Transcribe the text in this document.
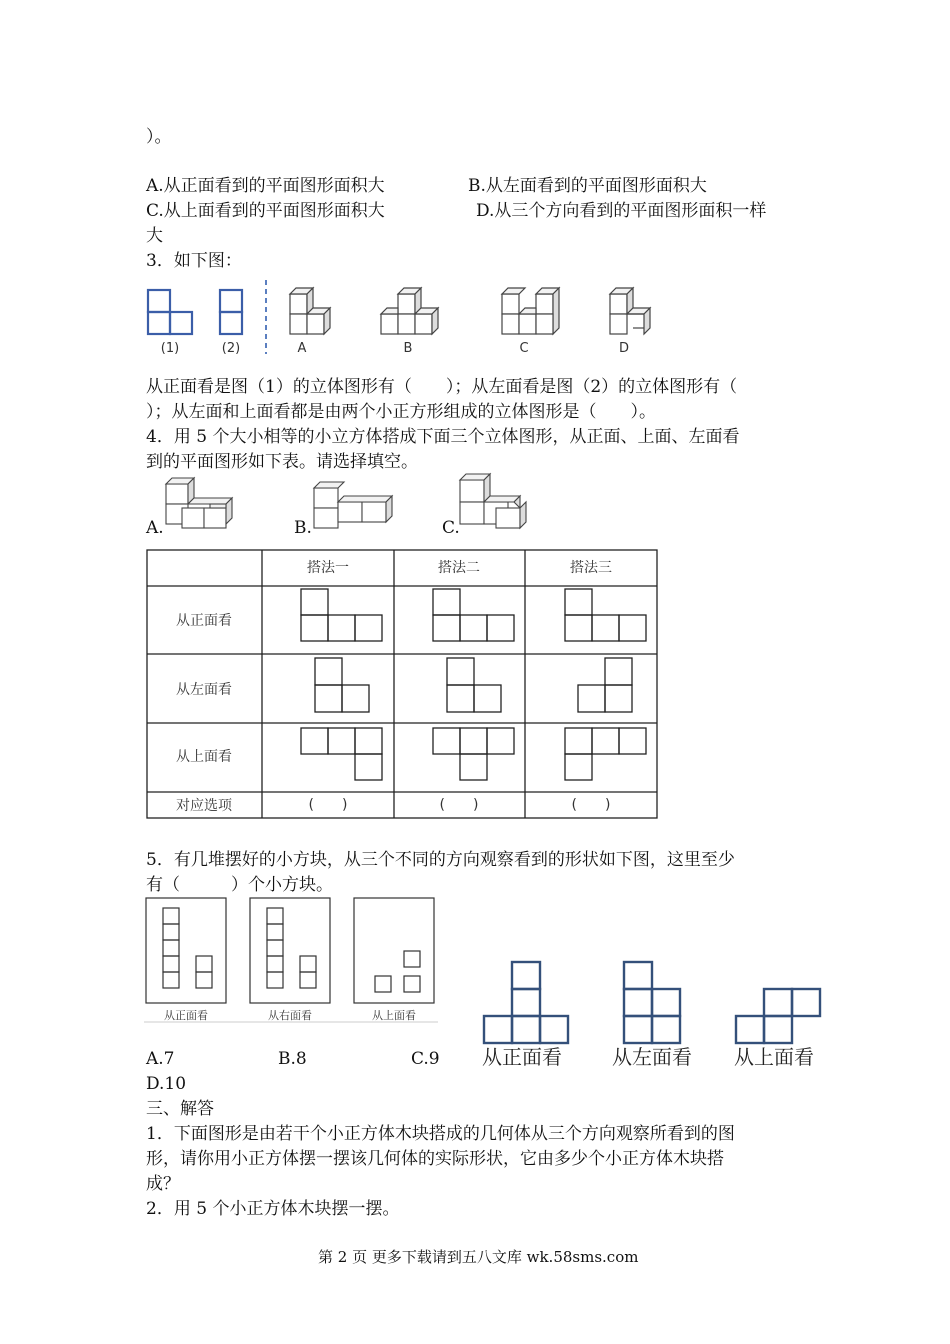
）。
A.从正面看到的平面图形面积大	B.从左面看到的平面图形面积大
C.从上面看到的平面图形面积大	D.从三个方向看到的平面图形面积一样
大
3．如下图：
(1)	(2)	A	B	C	D
从正面看是图（1）的立体图形有（　　）；从左面看是图（2）的立体图形有（
）；从左面和上面看都是由两个小正方形组成的立体图形是（　　）。
4．用 5 个大小相等的小立方体搭成下面三个立体图形，从正面、上面、左面看
到的平面图形如下表。请选择填空。
A.	B.	C.
搭法一	搭法二	搭法三
从正面看
从左面看
从上面看
对应选项	(　　)	(　　)	(　　)
5．有几堆摆好的小方块，从三个不同的方向观察看到的形状如下图，这里至少
有（　　　）个小方块。
从正面看	从右面看	从上面看
从正面看	从左面看 从上面看
A.7	B.8	C.9
D.10
三、解答
1．下面图形是由若干个小正方体木块搭成的几何体从三个方向观察所看到的图
形，请你用小正方体摆一摆该几何体的实际形状，它由多少个小正方体木块搭
成？
2．用 5 个小正方体木块摆一摆。
第 2 页 更多下载请到五八文库 wk.58sms.com
